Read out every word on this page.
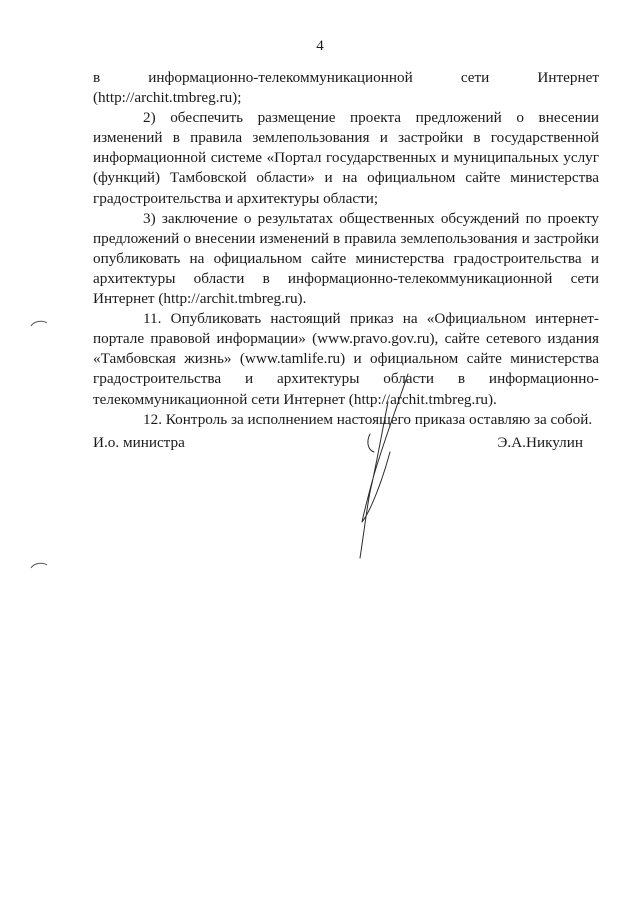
4

в информационно-телекоммуникационной сети Интернет

(http://archit.tmbreg.ru);

2) обеспечить размещение проекта предложений о внесении изменений в правила землепользования и застройки в государственной информационной системе «Портал государственных и муниципальных услуг (функций) Тамбовской области» и на официальном сайте министерства градостроительства и архитектуры области;

3) заключение о результатах общественных обсуждений по проекту предложений о внесении изменений в правила землепользования и застройки опубликовать на официальном сайте министерства градостроительства и архитектуры области в информационно-телекоммуникационной сети Интернет (http://archit.tmbreg.ru).

11. Опубликовать настоящий приказ на «Официальном интернет-портале правовой информации» (www.pravo.gov.ru), сайте сетевого издания «Тамбовская жизнь» (www.tamlife.ru) и официальном сайте министерства градостроительства и архитектуры области в информационно-телекоммуникационной сети Интернет (http://archit.tmbreg.ru).

12. Контроль за исполнением настоящего приказа оставляю за собой.

И.о. министра	Э.А.Никулин
